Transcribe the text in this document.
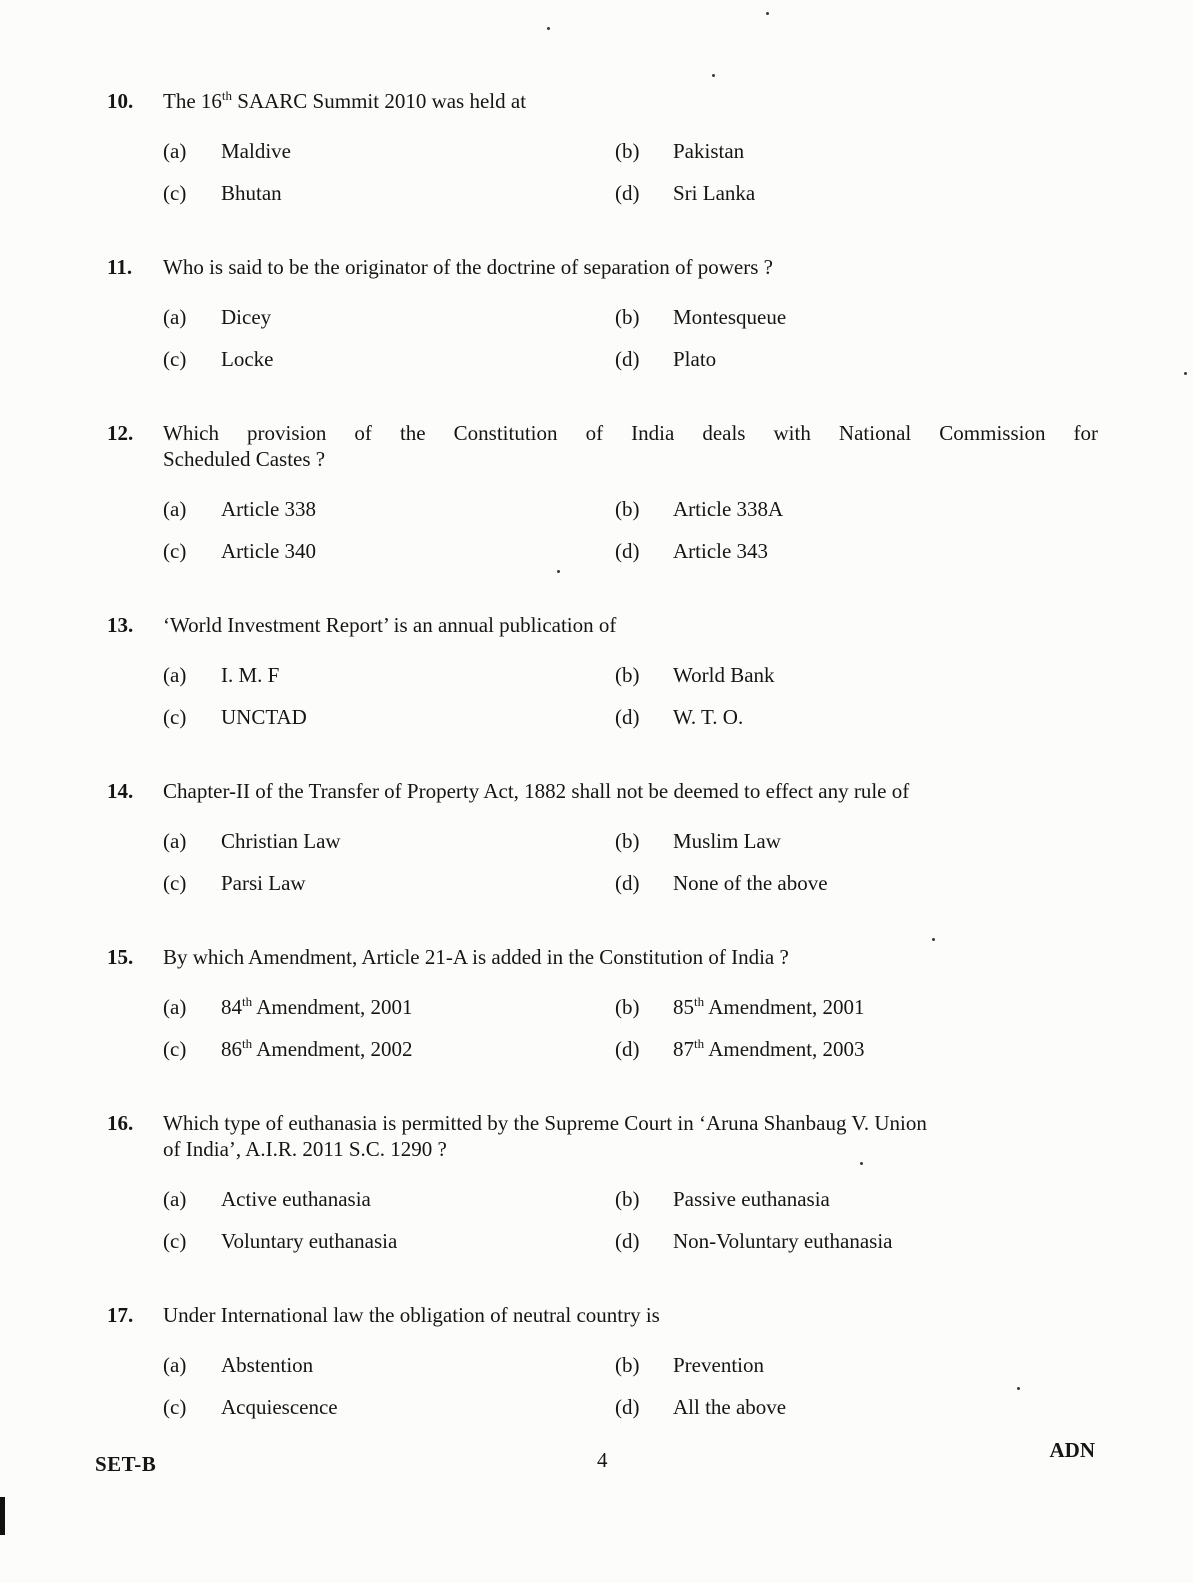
10.	The 16th SAARC Summit 2010 was held at
(a)	Maldive	(b)	Pakistan
(c)	Bhutan	(d)	Sri Lanka
11.	Who is said to be the originator of the doctrine of separation of powers ?
(a)	Dicey	(b)	Montesqueue
(c)	Locke	(d)	Plato
12.	Which provision of the Constitution of India deals with National Commission for
Scheduled Castes ?
(a)	Article 338	(b)	Article 338A
(c)	Article 340	(d)	Article 343
13.	‘World Investment Report’ is an annual publication of
(a)	I. M. F	(b)	World Bank
(c)	UNCTAD	(d)	W. T. O.
14.	Chapter-II of the Transfer of Property Act, 1882 shall not be deemed to effect any rule of
(a)	Christian Law	(b)	Muslim Law
(c)	Parsi Law	(d)	None of the above
15.	By which Amendment, Article 21-A is added in the Constitution of India ?
(a)	84th Amendment, 2001	(b)	85th Amendment, 2001
(c)	86th Amendment, 2002	(d)	87th Amendment, 2003
16.	Which type of euthanasia is permitted by the Supreme Court in ‘Aruna Shanbaug V. Union
of India’, A.I.R. 2011 S.C. 1290 ?
(a)	Active euthanasia	(b)	Passive euthanasia
(c)	Voluntary euthanasia	(d)	Non-Voluntary euthanasia
17.	Under International law the obligation of neutral country is
(a)	Abstention	(b)	Prevention
(c)	Acquiescence	(d)	All the above
SET-B	4	ADN
